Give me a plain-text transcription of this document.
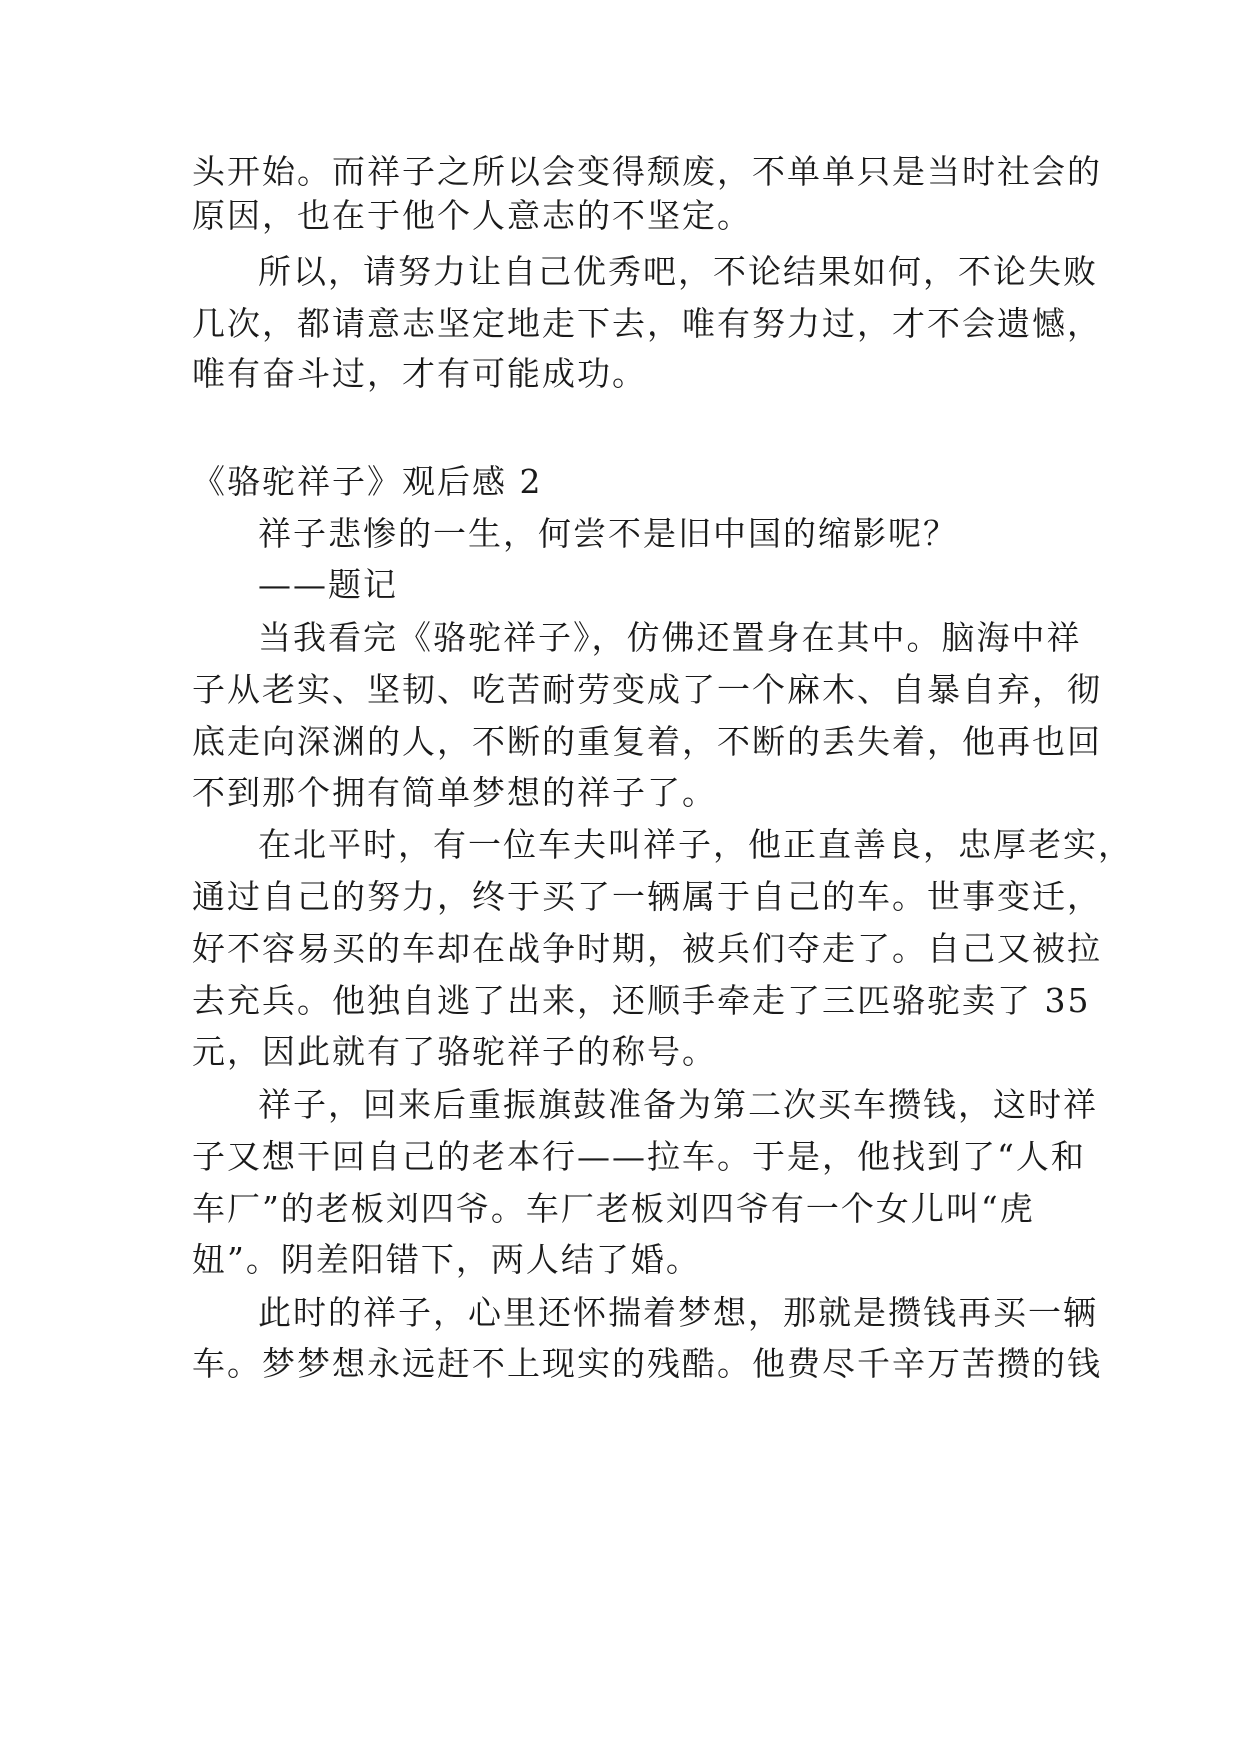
头开始。而祥子之所以会变得颓废，不单单只是当时社会的
原因，也在于他个人意志的不坚定。
所以，请努力让自己优秀吧，不论结果如何，不论失败
几次，都请意志坚定地走下去，唯有努力过，才不会遗憾，
唯有奋斗过，才有可能成功。
《骆驼祥子》观后感 2
祥子悲惨的一生，何尝不是旧中国的缩影呢？
——题记
当我看完《骆驼祥子》，仿佛还置身在其中。脑海中祥
子从老实、坚韧、吃苦耐劳变成了一个麻木、自暴自弃，彻
底走向深渊的人，不断的重复着，不断的丢失着，他再也回
不到那个拥有简单梦想的祥子了。
在北平时，有一位车夫叫祥子，他正直善良，忠厚老实，
通过自己的努力，终于买了一辆属于自己的车。世事变迁，
好不容易买的车却在战争时期，被兵们夺走了。自己又被拉
去充兵。他独自逃了出来，还顺手牵走了三匹骆驼卖了 35
元，因此就有了骆驼祥子的称号。
祥子，回来后重振旗鼓准备为第二次买车攒钱，这时祥
子又想干回自己的老本行——拉车。于是，他找到了“人和
车厂”的老板刘四爷。车厂老板刘四爷有一个女儿叫“虎
妞”。阴差阳错下，两人结了婚。
此时的祥子，心里还怀揣着梦想，那就是攒钱再买一辆
车。梦梦想永远赶不上现实的残酷。他费尽千辛万苦攒的钱
